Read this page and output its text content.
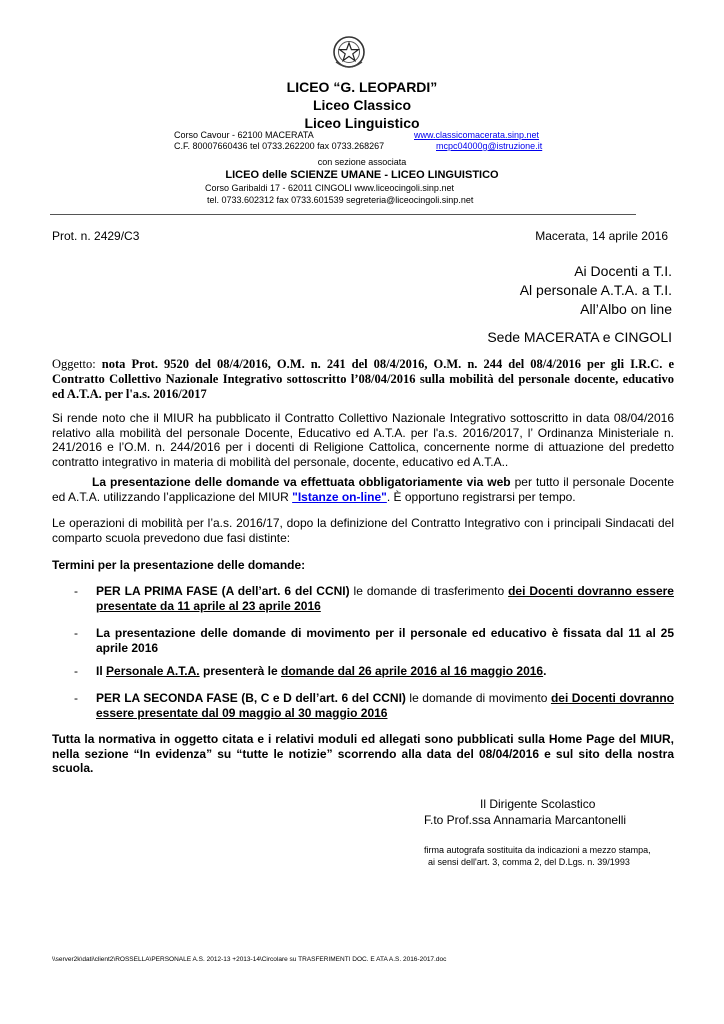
LICEO “G. LEOPARDI”
Liceo Classico
Liceo Linguistico
Corso Cavour - 62100 MACERATA	www.classicomacerata.sinp.net
C.F. 80007660436 tel 0733.262200 fax 0733.268267	mcpc04000g@istruzione.it
con sezione associata
LICEO delle SCIENZE UMANE - LICEO LINGUISTICO
Corso Garibaldi 17 - 62011 CINGOLI www.liceocingoli.sinp.net
tel. 0733.602312 fax 0733.601539 segreteria@liceocingoli.sinp.net
Prot. n. 2429/C3	Macerata, 14 aprile 2016
Ai Docenti a T.I.
Al personale A.T.A. a T.I.
All’Albo on line
Sede MACERATA e CINGOLI
Oggetto: nota Prot. 9520 del 08/4/2016, O.M. n. 241 del 08/4/2016, O.M. n. 244 del 08/4/2016 per gli I.R.C. e Contratto Collettivo Nazionale Integrativo sottoscritto l’08/04/2016 sulla mobilità del personale docente, educativo ed A.T.A. per l'a.s. 2016/2017
Si rende noto che il MIUR ha pubblicato il Contratto Collettivo Nazionale Integrativo sottoscritto in data 08/04/2016 relativo alla mobilità del personale Docente, Educativo ed A.T.A. per l'a.s. 2016/2017, l’ Ordinanza Ministeriale n. 241/2016 e l’O.M. n. 244/2016 per i docenti di Religione Cattolica, concernente norme di attuazione del predetto contratto integrativo in materia di mobilità del personale, docente, educativo ed A.T.A..
La presentazione delle domande va effettuata obbligatoriamente via web per tutto il personale Docente ed A.T.A. utilizzando l’applicazione del MIUR "Istanze on-line". È opportuno registrarsi per tempo.
Le operazioni di mobilità per l’a.s. 2016/17, dopo la definizione del Contratto Integrativo con i principali Sindacati del comparto scuola prevedono due fasi distinte:
Termini per la presentazione delle domande:
- PER LA PRIMA FASE (A dell’art. 6 del CCNI) le domande di trasferimento dei Docenti dovranno essere presentate da 11 aprile al 23 aprile 2016
- La presentazione delle domande di movimento per il personale ed educativo è fissata dal 11 al 25 aprile 2016
- Il Personale A.T.A. presenterà le domande dal 26 aprile 2016 al 16 maggio 2016.
- PER LA SECONDA FASE (B, C e D dell’art. 6 del CCNI) le domande di movimento dei Docenti dovranno essere presentate dal 09 maggio al 30 maggio 2016
Tutta la normativa in oggetto citata e i relativi moduli ed allegati sono pubblicati sulla Home Page del MIUR, nella sezione “In evidenza” su “tutte le notizie” scorrendo alla data del 08/04/2016 e sul sito della nostra scuola.
Il Dirigente Scolastico
F.to Prof.ssa Annamaria Marcantonelli
firma autografa sostituita da indicazioni a mezzo stampa,
ai sensi dell'art. 3, comma 2, del D.Lgs. n. 39/1993
\\server2k\dati\client2\ROSSELLA\PERSONALE A.S. 2012-13 +2013-14\Circolare su TRASFERIMENTI DOC. E ATA A.S. 2016-2017.doc
